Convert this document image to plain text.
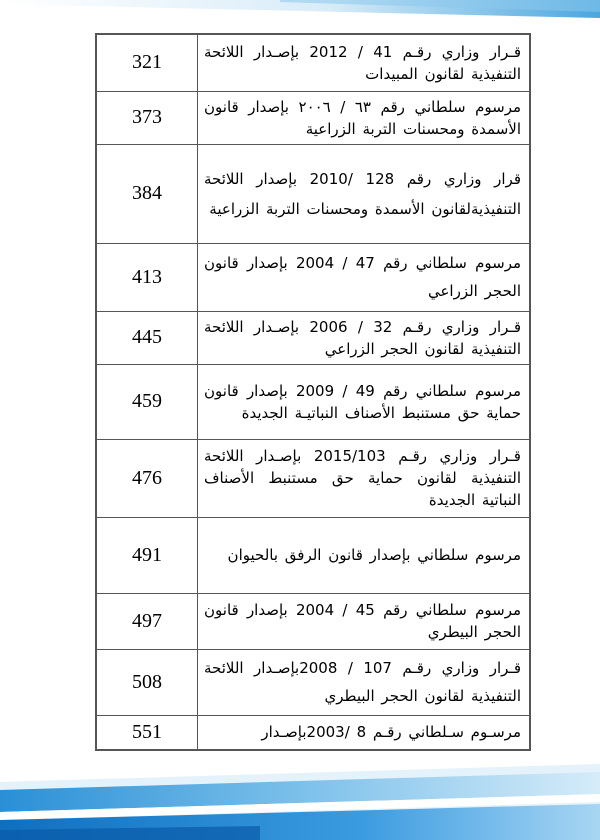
321	قـرار وزاري رقـم 41 / 2012 بإصـدار اللائحة التنفيذية لقانون المبيدات
373	مرسوم سلطاني رقم ٦٣ / ٢٠٠٦ بإصدار قانون الأسمدة ومحسنات التربة الزراعية
384	قرار وزاري رقم 128 /2010 بإصدار اللائحة التنفيذيةلقانون الأسمدة ومحسنات التربة الزراعية
413	مرسوم سلطاني رقم 47 / 2004 بإصدار قانون الحجر الزراعي
445	قـرار وزاري رقـم 32 / 2006 بإصـدار اللائحة التنفيذية لقانون الحجر الزراعي
459	مرسوم سلطاني رقم 49 / 2009 بإصدار قانون حماية حق مستنبط الأصناف النباتيـة الجديدة
476	قـرار وزاري رقـم 2015/103 بإصـدار اللائحة التنفيذية لقانون حماية حق مستنبط الأصناف النباتية الجديدة
491	مرسوم سلطاني بإصدار قانون الرفق بالحيوان
497	مرسوم سلطاني رقم 45 / 2004 بإصدار قانون الحجر البيطري
508	قـرار وزاري رقـم 107 / 2008بإصـدار اللائحة التنفيذية لقانون الحجر البيطري
551	مرسـوم سـلطاني رقـم 8 /2003بإصـدار
